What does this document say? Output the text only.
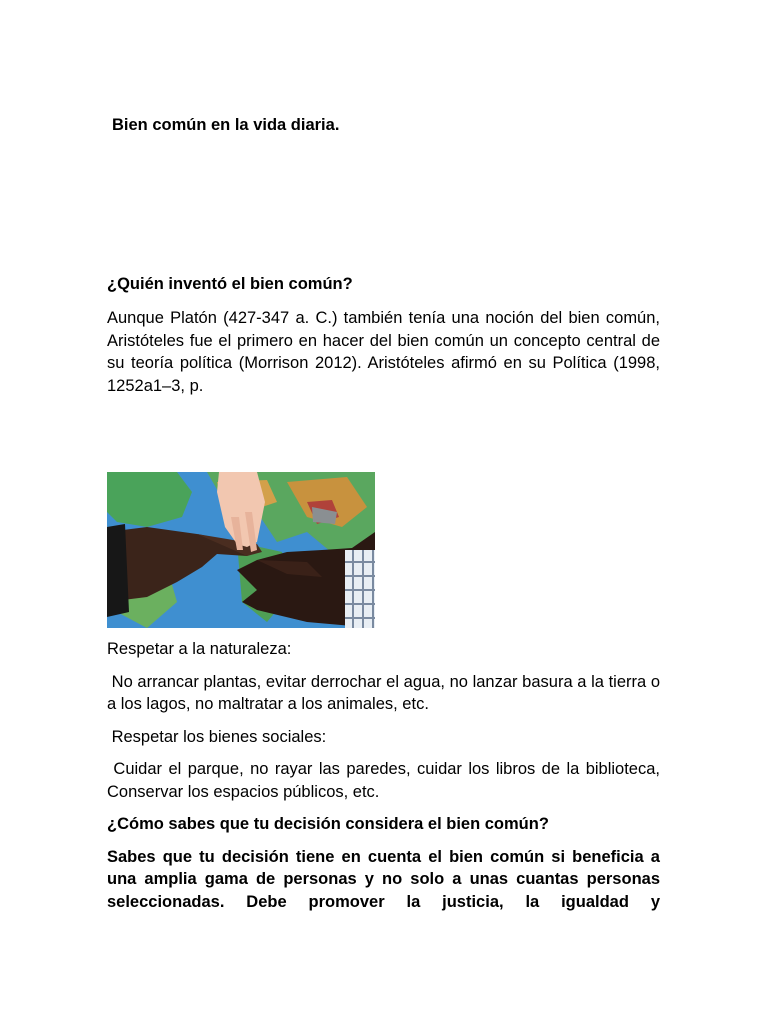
Bien común en la vida diaria.

¿Quién inventó el bien común?

Aunque Platón (427-347 a. C.) también tenía una noción del bien común, Aristóteles fue el primero en hacer del bien común un concepto central de su teoría política (Morrison 2012). Aristóteles afirmó en su Política (1998, 1252a1–3, p.

Respetar a la naturaleza:

No arrancar plantas, evitar derrochar el agua, no lanzar basura a la tierra o a los lagos, no maltratar a los animales, etc.

Respetar los bienes sociales:

Cuidar el parque, no rayar las paredes, cuidar los libros de la biblioteca, Conservar los espacios públicos, etc.

¿Cómo sabes que tu decisión considera el bien común?

Sabes que tu decisión tiene en cuenta el bien común si beneficia a una amplia gama de personas y no solo a unas cuantas personas seleccionadas. Debe promover la justicia, la igualdad y
